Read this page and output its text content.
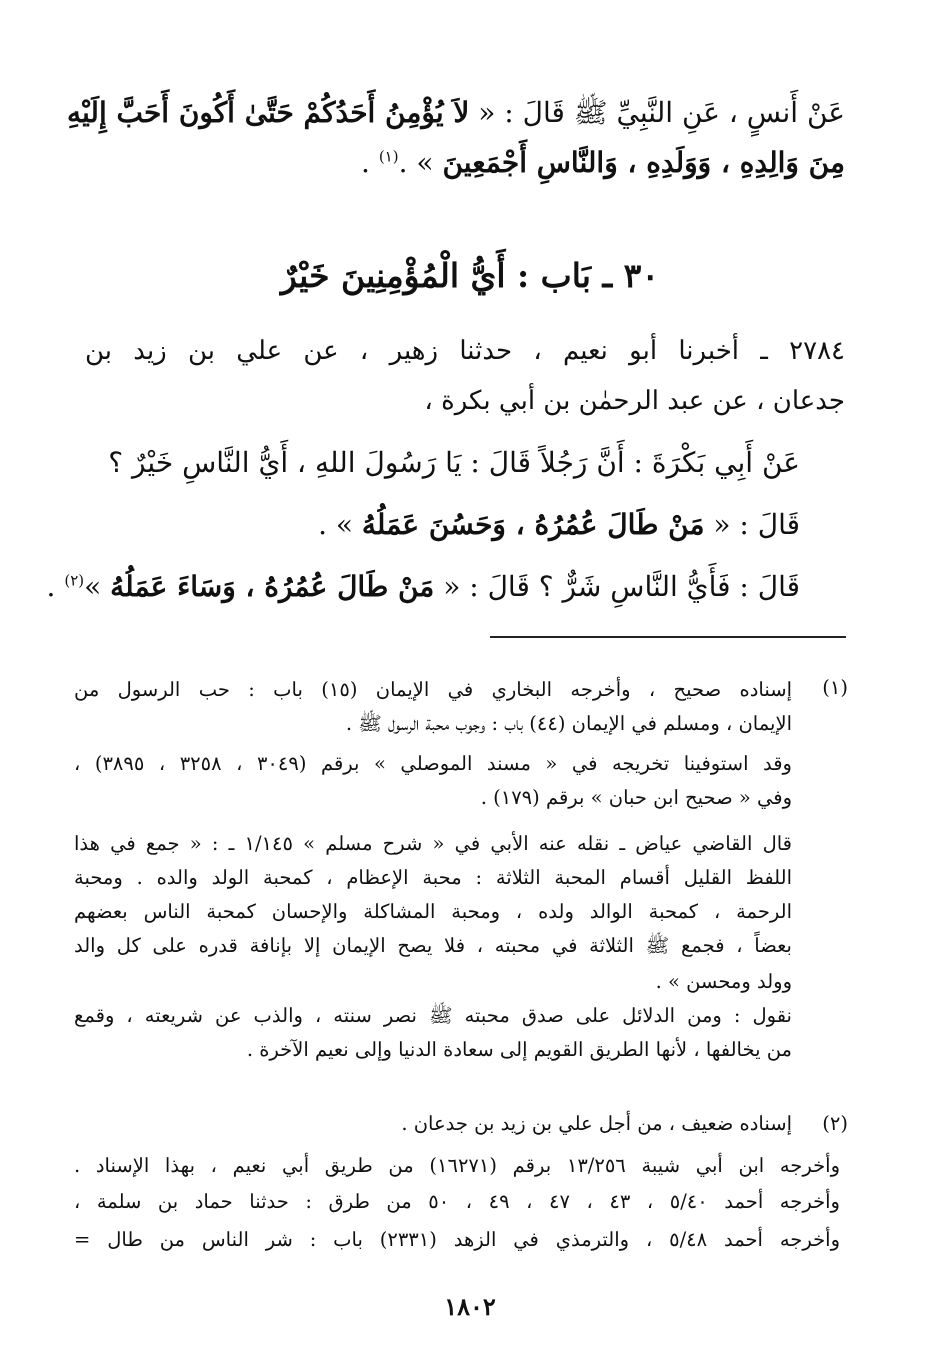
عَنْ أَنسٍ ، عَنِ النَّبِيِّ ﷺ قَالَ : « لاَ يُؤْمِنُ أَحَدُكُمْ حَتَّىٰ أَكُونَ أَحَبَّ إِلَيْهِ
مِنَ وَالِدِهِ ، وَوَلَدِهِ ، وَالنَّاسِ أَجْمَعِينَ » .$^{(١)}$ .
٣٠ ـ بَاب : أَيُّ الْمُؤْمِنِينَ خَيْرٌ
٢٧٨٤ ـ أخبرنا أبو نعيم ، حدثنا زهير ، عن علي بن زيد بن
جدعان ، عن عبد الرحمٰن بن أبي بكرة ،
عَنْ أَبِي بَكْرَةَ : أَنَّ رَجُلاً قَالَ : يَا رَسُولَ اللهِ ، أَيُّ النَّاسِ خَيْرٌ ؟
قَالَ : « مَنْ طَالَ عُمُرُهُ ، وَحَسُنَ عَمَلُهُ » .
قَالَ : فَأَيُّ النَّاسِ شَرٌّ ؟ قَالَ : « مَنْ طَالَ عُمُرُهُ ، وَسَاءَ عَمَلُهُ »$^{(٢)}$ .
(١)
إسناده صحيح ، وأخرجه البخاري في الإيمان (١٥) باب : حب الرسول من
الإيمان ، ومسلم في الإيمان (٤٤) باب : وجوب محبة الرسول ﷺ .
وقد استوفينا تخريجه في « مسند الموصلي » برقم (٣٠٤٩ ، ٣٢٥٨ ، ٣٨٩٥) ،
وفي « صحيح ابن حبان » برقم (١٧٩) .
قال القاضي عياض ـ نقله عنه الأبي في « شرح مسلم » ١/١٤٥ ـ : « جمع في هذا
اللفظ القليل أقسام المحبة الثلاثة : محبة الإعظام ، كمحبة الولد والده . ومحبة
الرحمة ، كمحبة الوالد ولده ، ومحبة المشاكلة والإحسان كمحبة الناس بعضهم
بعضاً ، فجمع ﷺ الثلاثة في محبته ، فلا يصح الإيمان إلا بإنافة قدره على كل والد
وولد ومحسن » .
نقول : ومن الدلائل على صدق محبته ﷺ نصر سنته ، والذب عن شريعته ، وقمع
من يخالفها ، لأنها الطريق القويم إلى سعادة الدنيا وإلى نعيم الآخرة .
(٢)
إسناده ضعيف ، من أجل علي بن زيد بن جدعان .
وأخرجه ابن أبي شيبة ١٣/٢٥٦ برقم (١٦٢٧١) من طريق أبي نعيم ، بهذا الإسناد .
وأخرجه أحمد ٥/٤٠ ، ٤٣ ، ٤٧ ، ٤٩ ، ٥٠ من طرق : حدثنا حماد بن سلمة ،
وأخرجه أحمد ٥/٤٨ ، والترمذي في الزهد (٢٣٣١) باب : شر الناس من طال =
١٨٠٢
